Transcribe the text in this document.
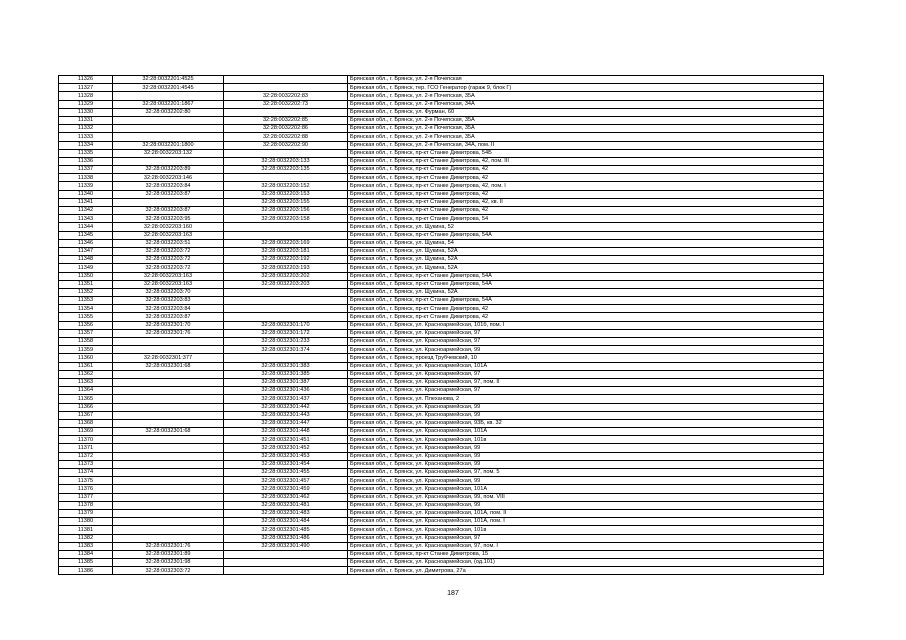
11326	32:28:0032201:4525		Брянская обл., г. Брянск, ул. 2-я Почепская
11327	32:28:0032201:4545		Брянская обл., г. Брянск, тер. ГСО Генератор (гараж 9, блок Г)
11328		32:28:0032202:83	Брянская обл., г. Брянск, ул. 2-я Почепская, 35А
11329	32:28:0032201:1867	32:28:0032202:73	Брянская обл., г. Брянск, ул. 2-я Почепская, 34А
11330	32:28:0032202:80		Брянская обл., г. Брянск, ул. Фурман, 60
11331		32:28:0032202:85	Брянская обл., г. Брянск, ул. 2-я Почепская, 35А
11332		32:28:0032202:86	Брянская обл., г. Брянск, ул. 2-я Почепская, 35А
11333		32:28:0032202:88	Брянская обл., г. Брянск, ул. 2-я Почепская, 35А
11334	32:28:0032201:1800	32:28:0032202:90	Брянская обл., г. Брянск, ул. 2-я Почепская, 34А, пом. II
11335	32:28:0032203:132		Брянская обл., г. Брянск, пр-кт Станке Димитрова, 54Б
11336		32:28:0032203:133	Брянская обл., г. Брянск, пр-кт Станке Димитрова, 42, пом. III
11337	32:28:0032203:89	32:28:0032203:135	Брянская обл., г. Брянск, пр-кт Станке Димитрова, 42
11338	32:28:0032203:146		Брянская обл., г. Брянск, пр-кт Станке Димитрова, 42
11339	32:28:0032203:84	32:28:0032203:152	Брянская обл., г. Брянск, пр-кт Станке Димитрова, 42, пом. I
11340	32:28:0032203:87	32:28:0032203:153	Брянская обл., г. Брянск, пр-кт Станке Димитрова, 42
11341		32:28:0032203:155	Брянская обл., г. Брянск, пр-кт Станке Димитрова, 42, кв. II
11342	32:28:0032203:87	32:28:0032203:156	Брянская обл., г. Брянск, пр-кт Станке Димитрова, 42
11343	32:28:0032203:95	32:28:0032203:158	Брянская обл., г. Брянск, пр-кт Станке Димитрова, 54
11344	32:28:0032203:160		Брянская обл., г. Брянск, ул. Щукина, 52
11345	32:28:0032203:163		Брянская обл., г. Брянск, пр-кт Станке Димитрова, 54А
11346	32:28:0032203:51	32:28:0032203:169	Брянская обл., г. Брянск, ул. Щукина, 54
11347	32:28:0032203:72	32:28:0032203:181	Брянская обл., г. Брянск, ул. Щукина, 52А
11348	32:28:0032203:72	32:28:0032203:192	Брянская обл., г. Брянск, ул. Щукина, 52А
11349	32:28:0032203:72	32:28:0032203:193	Брянская обл., г. Брянск, ул. Щукина, 52А
11350	32:28:0032203:163	32:28:0032203:202	Брянская обл., г. Брянск, пр-кт Станке Димитрова, 54А
11351	32:28:0032203:163	32:28:0032203:203	Брянская обл., г. Брянск, пр-кт Станке Димитрова, 54А
11352	32:28:0032203:70		Брянская обл., г. Брянск, ул. Щукина, 52А
11353	32:28:0032203:83		Брянская обл., г. Брянск, пр-кт Станке Димитрова, 54А
11354	32:28:0032203:84		Брянская обл., г. Брянск, пр-кт Станке Димитрова, 42
11355	32:28:0032203:87		Брянская обл., г. Брянск, пр-кт Станке Димитрова, 42
11356	32:28:0032301:70	32:28:0032301:170	Брянская обл., г. Брянск, ул. Красноармейская, 101б, пом. I
11357	32:28:0032301:76	32:28:0032301:172	Брянская обл., г. Брянск, ул. Красноармейская, 97
11358		32:28:0032301:233	Брянская обл., г. Брянск, ул. Красноармейская, 97
11359		32:28:0032301:374	Брянская обл., г. Брянск, ул. Красноармейская, 99
11360	32:28:0032301:377		Брянская обл., г. Брянск, проезд Трубчевский, 10
11361	32:28:0032301:68	32:28:0032301:383	Брянская обл., г. Брянск, ул. Красноармейская, 101А
11362		32:28:0032301:385	Брянская обл., г. Брянск, ул. Красноармейская, 97
11363		32:28:0032301:387	Брянская обл., г. Брянск, ул. Красноармейская, 97, пом. II
11364		32:28:0032301:436	Брянская обл., г. Брянск, ул. Красноармейская, 97
11365		32:28:0032301:437	Брянская обл., г. Брянск, ул. Плеханова, 2
11366		32:28:0032301:442	Брянская обл., г. Брянск, ул. Красноармейская, 99
11367		32:28:0032301:443	Брянская обл., г. Брянск, ул. Красноармейская, 99
11368		32:28:0032301:447	Брянская обл., г. Брянск, ул. Красноармейская, 93Б, кв. 32
11369	32:28:0032301:68	32:28:0032301:448	Брянская обл., г. Брянск, ул. Красноармейская, 101А
11370		32:28:0032301:451	Брянская обл., г. Брянск, ул. Красноармейская, 101в
11371		32:28:0032301:452	Брянская обл., г. Брянск, ул. Красноармейская, 99
11372		32:28:0032301:453	Брянская обл., г. Брянск, ул. Красноармейская, 99
11373		32:28:0032301:454	Брянская обл., г. Брянск, ул. Красноармейская, 99
11374		32:28:0032301:455	Брянская обл., г. Брянск, ул. Красноармейская, 97, пом. 5
11375		32:28:0032301:457	Брянская обл., г. Брянск, ул. Красноармейская, 99
11376		32:28:0032301:459	Брянская обл., г. Брянск, ул. Красноармейская, 101А
11377		32:28:0032301:462	Брянская обл., г. Брянск, ул. Красноармейская, 99, пом. VIII
11378		32:28:0032301:481	Брянская обл., г. Брянск, ул. Красноармейская, 99
11379		32:28:0032301:483	Брянская обл., г. Брянск, ул. Красноармейская, 101А, пом. II
11380		32:28:0032301:484	Брянская обл., г. Брянск, ул. Красноармейская, 101А, пом. I
11381		32:28:0032301:485	Брянская обл., г. Брянск, ул. Красноармейская, 101в
11382		32:28:0032301:486	Брянская обл., г. Брянск, ул. Красноармейская, 97
11383	32:28:0032301:76	32:28:0032301:490	Брянская обл., г. Брянск, ул. Красноармейская, 97, пом. I
11384	32:28:0032301:89		Брянская обл., г. Брянск, пр-кт Станке Димитрова, 15
11385	32:28:0032301:98		Брянская обл., г. Брянск, ул. Красноармейская, (од.101)
11386	32:28:0032303:72		Брянская обл., г. Брянск, ул. Димитрова, 27а
187
